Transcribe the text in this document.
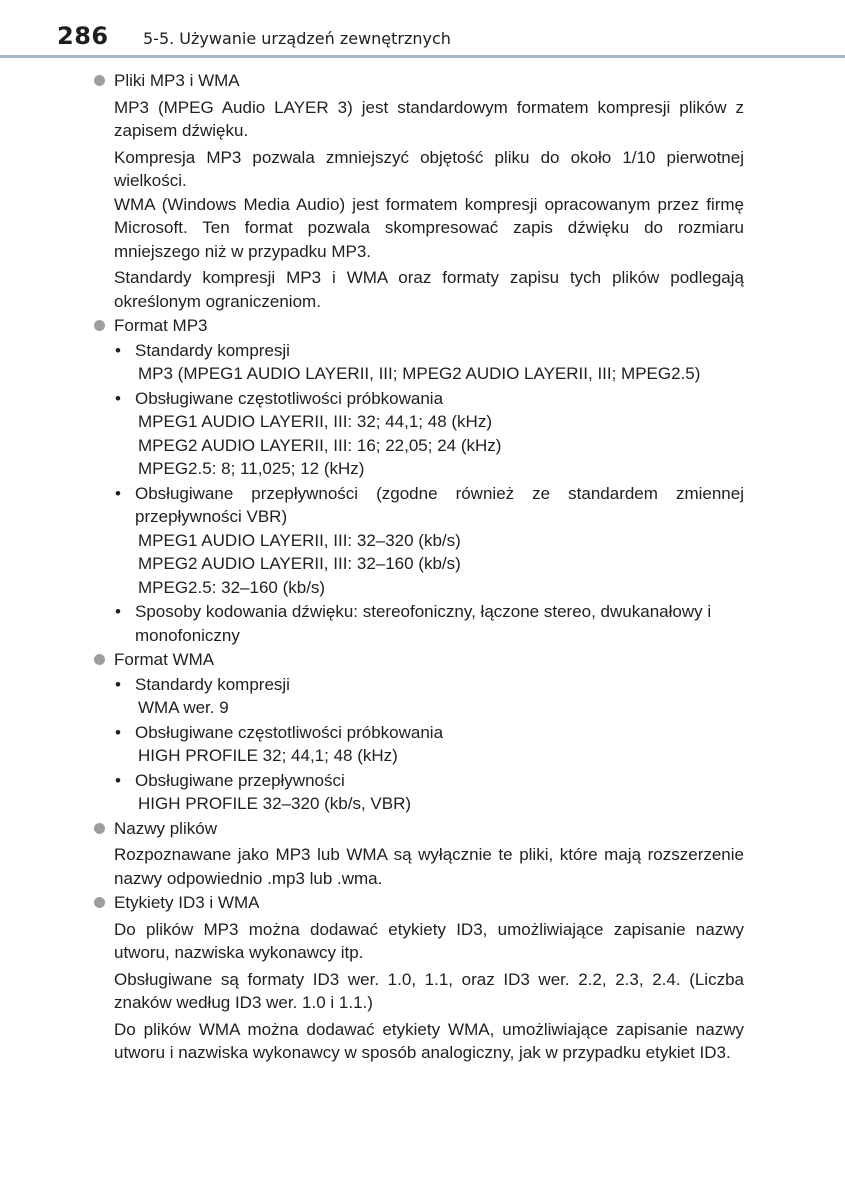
286 5-5. Używanie urządzeń zewnętrznych
Pliki MP3 i WMA
MP3 (MPEG Audio LAYER 3) jest standardowym formatem kompresji plików z zapisem dźwięku.
Kompresja MP3 pozwala zmniejszyć objętość pliku do około 1/10 pierwotnej wielkości.
WMA (Windows Media Audio) jest formatem kompresji opracowanym przez firmę Microsoft. Ten format pozwala skompresować zapis dźwięku do rozmiaru mniejszego niż w przypadku MP3.
Standardy kompresji MP3 i WMA oraz formaty zapisu tych plików podlegają określonym ograniczeniom.
Format MP3
• Standardy kompresji
MP3 (MPEG1 AUDIO LAYERII, III; MPEG2 AUDIO LAYERII, III; MPEG2.5)
• Obsługiwane częstotliwości próbkowania
MPEG1 AUDIO LAYERII, III: 32; 44,1; 48 (kHz)
MPEG2 AUDIO LAYERII, III: 16; 22,05; 24 (kHz)
MPEG2.5: 8; 11,025; 12 (kHz)
• Obsługiwane przepływności (zgodne również ze standardem zmiennej przepływności VBR)
MPEG1 AUDIO LAYERII, III: 32–320 (kb/s)
MPEG2 AUDIO LAYERII, III: 32–160 (kb/s)
MPEG2.5: 32–160 (kb/s)
• Sposoby kodowania dźwięku: stereofoniczny, łączone stereo, dwukanałowy i monofoniczny
Format WMA
• Standardy kompresji
WMA wer. 9
• Obsługiwane częstotliwości próbkowania
HIGH PROFILE 32; 44,1; 48 (kHz)
• Obsługiwane przepływności
HIGH PROFILE 32–320 (kb/s, VBR)
Nazwy plików
Rozpoznawane jako MP3 lub WMA są wyłącznie te pliki, które mają rozszerzenie nazwy odpowiednio .mp3 lub .wma.
Etykiety ID3 i WMA
Do plików MP3 można dodawać etykiety ID3, umożliwiające zapisanie nazwy utworu, nazwiska wykonawcy itp.
Obsługiwane są formaty ID3 wer. 1.0, 1.1, oraz ID3 wer. 2.2, 2.3, 2.4. (Liczba znaków według ID3 wer. 1.0 i 1.1.)
Do plików WMA można dodawać etykiety WMA, umożliwiające zapisanie nazwy utworu i nazwiska wykonawcy w sposób analogiczny, jak w przypadku etykiet ID3.
